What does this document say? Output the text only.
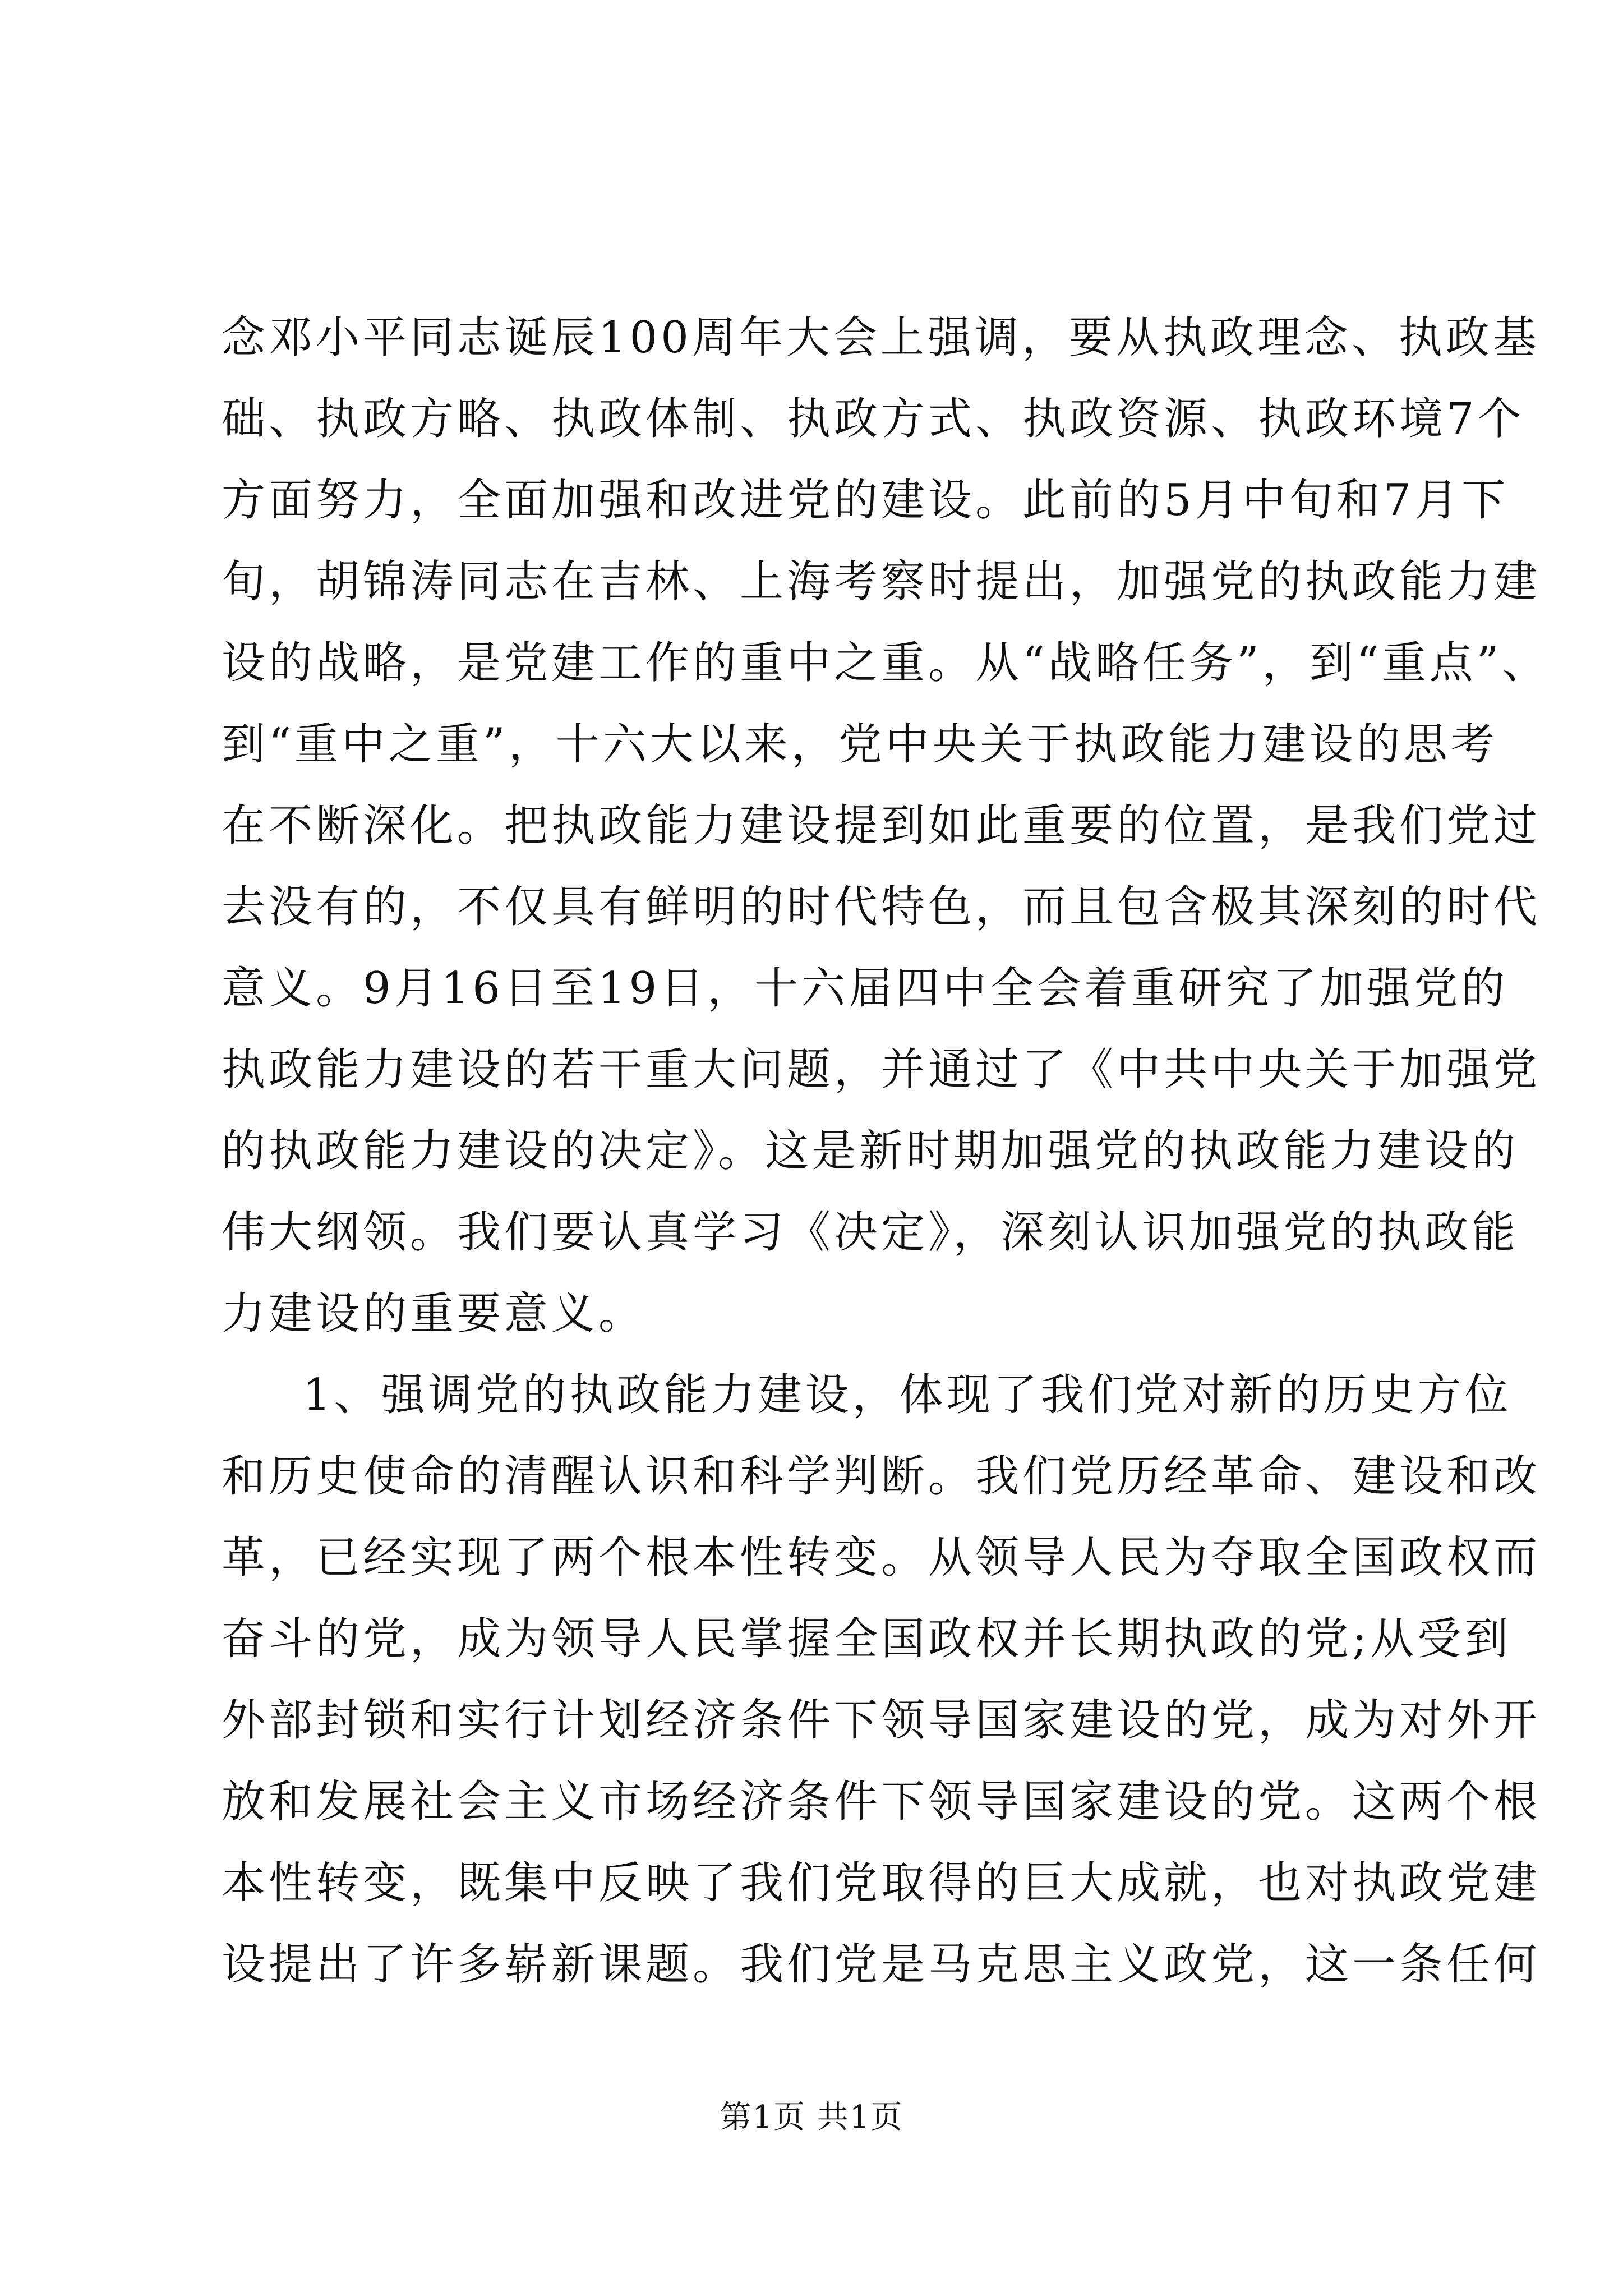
念邓小平同志诞辰100周年大会上强调，要从执政理念、执政基
础、执政方略、执政体制、执政方式、执政资源、执政环境7个
方面努力，全面加强和改进党的建设。此前的5月中旬和7月下
旬，胡锦涛同志在吉林、上海考察时提出，加强党的执政能力建
设的战略，是党建工作的重中之重。从“战略任务”，到“重点”、
到“重中之重”，十六大以来，党中央关于执政能力建设的思考
在不断深化。把执政能力建设提到如此重要的位置，是我们党过
去没有的，不仅具有鲜明的时代特色，而且包含极其深刻的时代
意义。9月16日至19日，十六届四中全会着重研究了加强党的
执政能力建设的若干重大问题，并通过了《中共中央关于加强党
的执政能力建设的决定》。这是新时期加强党的执政能力建设的
伟大纲领。我们要认真学习《决定》，深刻认识加强党的执政能
力建设的重要意义。
1、强调党的执政能力建设，体现了我们党对新的历史方位
和历史使命的清醒认识和科学判断。我们党历经革命、建设和改
革，已经实现了两个根本性转变。从领导人民为夺取全国政权而
奋斗的党，成为领导人民掌握全国政权并长期执政的党;从受到
外部封锁和实行计划经济条件下领导国家建设的党，成为对外开
放和发展社会主义市场经济条件下领导国家建设的党。这两个根
本性转变，既集中反映了我们党取得的巨大成就，也对执政党建
设提出了许多崭新课题。我们党是马克思主义政党，这一条任何
第1页 共1页
